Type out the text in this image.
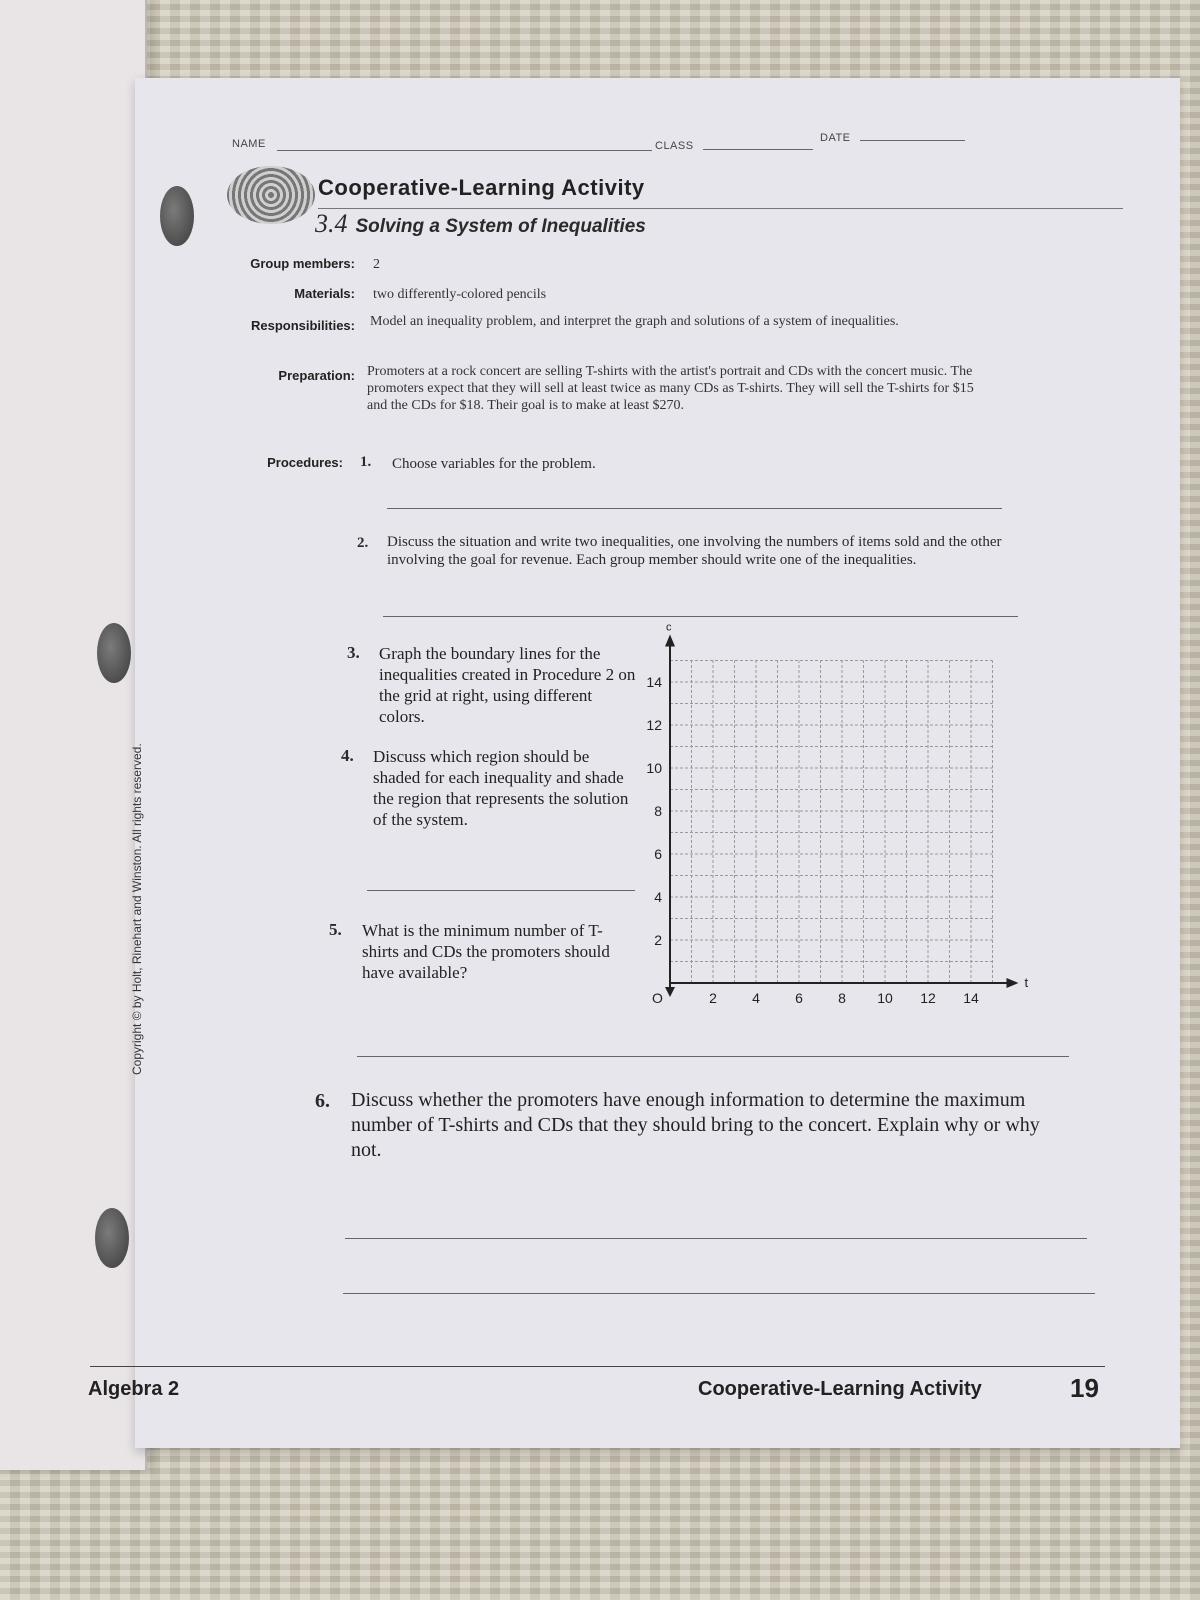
NAME	CLASS
DATE
Cooperative-Learning Activity
3.4 Solving a System of Inequalities
Group members: 2
Materials: two differently-colored pencils
Responsibilities: Model an inequality problem, and interpret the graph and solutions of a system of inequalities.
Preparation: Promoters at a rock concert are selling T-shirts with the artist's portrait and CDs with the concert music. The promoters expect that they will sell at least twice as many CDs as T-shirts. They will sell the T-shirts for $15 and the CDs for $18. Their goal is to make at least $270.
Procedures: 1. Choose variables for the problem.
2. Discuss the situation and write two inequalities, one involving the numbers of items sold and the other involving the goal for revenue. Each group member should write one of the inequalities.
3. Graph the boundary lines for the inequalities created in Procedure 2 on the grid at right, using different colors.
4. Discuss which region should be shaded for each inequality and shade the region that represents the solution of the system.
5. What is the minimum number of T-shirts and CDs the promoters should have available?
t
c
O	2	4	6	8 10 12 14
2
4
6
8
10
12
14
6. Discuss whether the promoters have enough information to determine the maximum number of T-shirts and CDs that they should bring to the concert. Explain why or why not.
Copyright © by Holt, Rinehart and Winston. All rights reserved.
Algebra 2	Cooperative-Learning Activity	19
